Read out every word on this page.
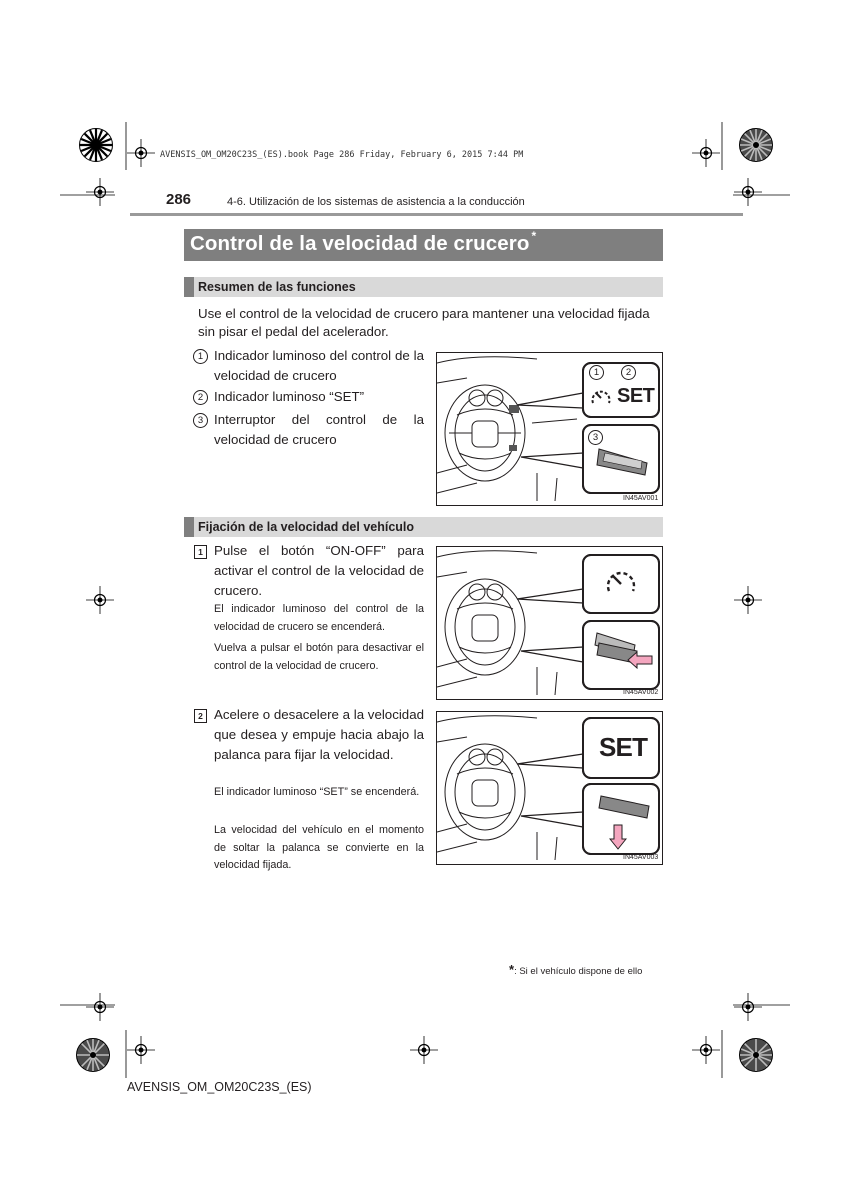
AVENSIS_OM_OM20C23S_(ES).book Page 286 Friday, February 6, 2015 7:44 PM
286	4-6. Utilización de los sistemas de asistencia a la conducción
Control de la velocidad de crucero *
Resumen de las funciones
Use el control de la velocidad de crucero para mantener una velocidad fijada
sin pisar el pedal del acelerador.
1 Indicador luminoso del control de la velocidad de crucero
2 Indicador luminoso “SET”
3 Interruptor del control de la velocidad de crucero
1	2
3
SET
IN45AV001
Fijación de la velocidad del vehículo
1 Pulse el botón “ON-OFF” para activar el control de la velocidad de crucero.
El indicador luminoso del control de la velocidad de crucero se encenderá.
Vuelva a pulsar el botón para desactivar el control de la velocidad de crucero.
IN45AV002
2 Acelere o desacelere a la velocidad que desea y empuje hacia abajo la palanca para fijar la velocidad.
El indicador luminoso “SET” se encenderá.
La velocidad del vehículo en el momento de soltar la palanca se convierte en la velocidad fijada.
SET
IN45AV003
*: Si el vehículo dispone de ello
AVENSIS_OM_OM20C23S_(ES)
